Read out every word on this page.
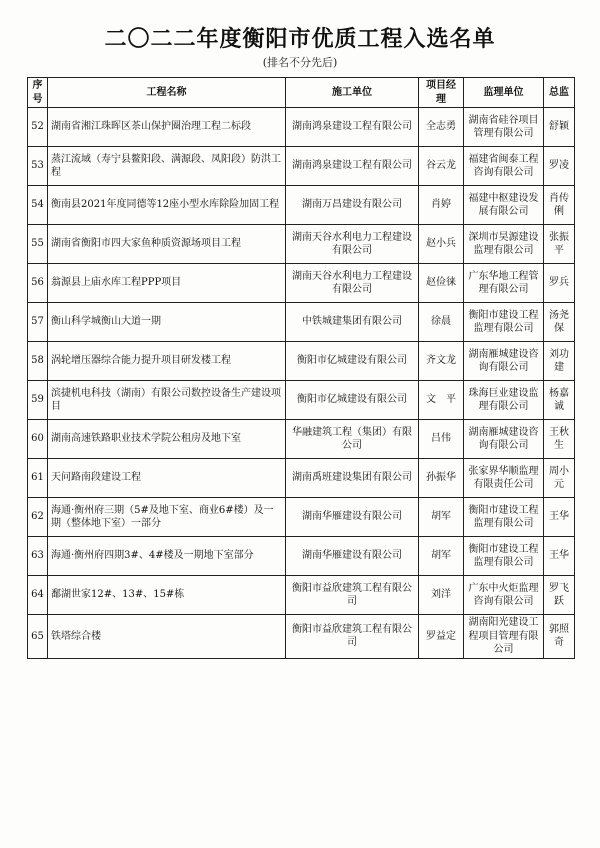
二〇二二年度衡阳市优质工程入选名单
(排名不分先后)
序号	工程名称	施工单位	项目经理	监理单位	总监
52	湖南省湘江珠晖区茶山保护圈治理工程二标段	湖南鸿泉建设工程有限公司	全志勇	湖南省硅谷项目管理有限公司	舒颖
53	蒸江流域（寿宁县鳌阳段、满源段、凤阳段）防洪工程	湖南鸿泉建设工程有限公司	谷云龙	福建省闽泰工程咨询有限公司	罗凌
54	衡南县2021年度同德等12座小型水库除险加固工程	湖南万昌建设有限公司	肖婷	福建中枢建设发展有限公司	肖传俐
55	湖南省衡阳市四大家鱼种质资源场项目工程	湖南天谷水利电力工程建设有限公司	赵小兵	深圳市昊源建设监理有限公司	张振平
56	翁源县上庙水库工程PPP项目	湖南天谷水利电力工程建设有限公司	赵俭徕	广东华地工程管理有限公司	罗兵
57	衡山科学城衡山大道一期	中铁城建集团有限公司	徐晨	衡阳市建设工程监理有限公司	汤尧保
58	涡轮增压器综合能力提升项目研发楼工程	衡阳市亿城建设有限公司	齐文龙	湖南雁城建设咨询有限公司	刘功建
59	滨捷机电科技（湖南）有限公司数控设备生产建设项目	衡阳市亿城建设有限公司	文　平	珠海巨业建设监理有限公司	杨嘉诚
60	湖南高速铁路职业技术学院公租房及地下室	华融建筑工程（集团）有限公司	吕伟	湖南雁城建设咨询有限公司	王秋生
61	天问路南段建设工程	湖南禹班建设集团有限公司	孙振华	张家界华顺监理有限责任公司	周小元
62	海通·衡州府三期（5#及地下室、商业6#楼）及一期（整体地下室）一部分	湖南华雁建设有限公司	胡军	衡阳市建设工程监理有限公司	王华
63	海通·衡州府四期3#、4#楼及一期地下室部分	湖南华雁建设有限公司	胡军	衡阳市建设工程监理有限公司	王华
64	鄱湖世家12#、13#、15#栋	衡阳市益欣建筑工程有限公司	刘洋	广东中火炬监理咨询有限公司	罗飞跃
65	铁塔综合楼	衡阳市益欣建筑工程有限公司	罗益定	湖南阳光建设工程项目管理有限公司	郭照奇
